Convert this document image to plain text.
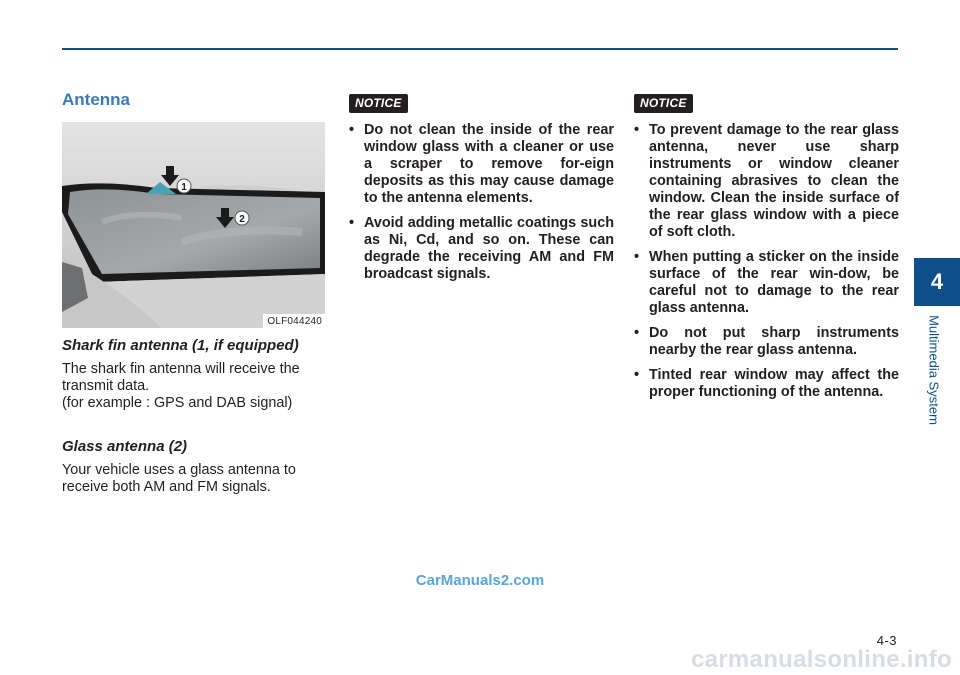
Antenna
1
2
OLF044240
Shark fin antenna (1, if equipped)

The shark fin antenna will receive the

transmit data.

(for example : GPS and DAB signal)

Glass antenna (2)

Your vehicle uses a glass antenna to

receive both AM and FM signals.

NOTICE
• Do not clean the inside of the rear window glass with a cleaner or use a scraper to remove for-eign deposits as this may cause damage to the antenna elements.
• Avoid adding metallic coatings such as Ni, Cd, and so on. These can degrade the receiving AM and FM broadcast signals.
NOTICE
• To prevent damage to the rear glass antenna, never use sharp instruments or window cleaner containing abrasives to clean the window. Clean the inside surface of the rear glass window with a piece of soft cloth.
• When putting a sticker on the inside surface of the rear win-dow, be careful not to damage to the rear glass antenna.
• Do not put sharp instruments nearby the rear glass antenna.
• Tinted rear window may affect the proper functioning of the antenna.
4
Multimedia System
4-3
CarManuals2.com
carmanualsonline.info
